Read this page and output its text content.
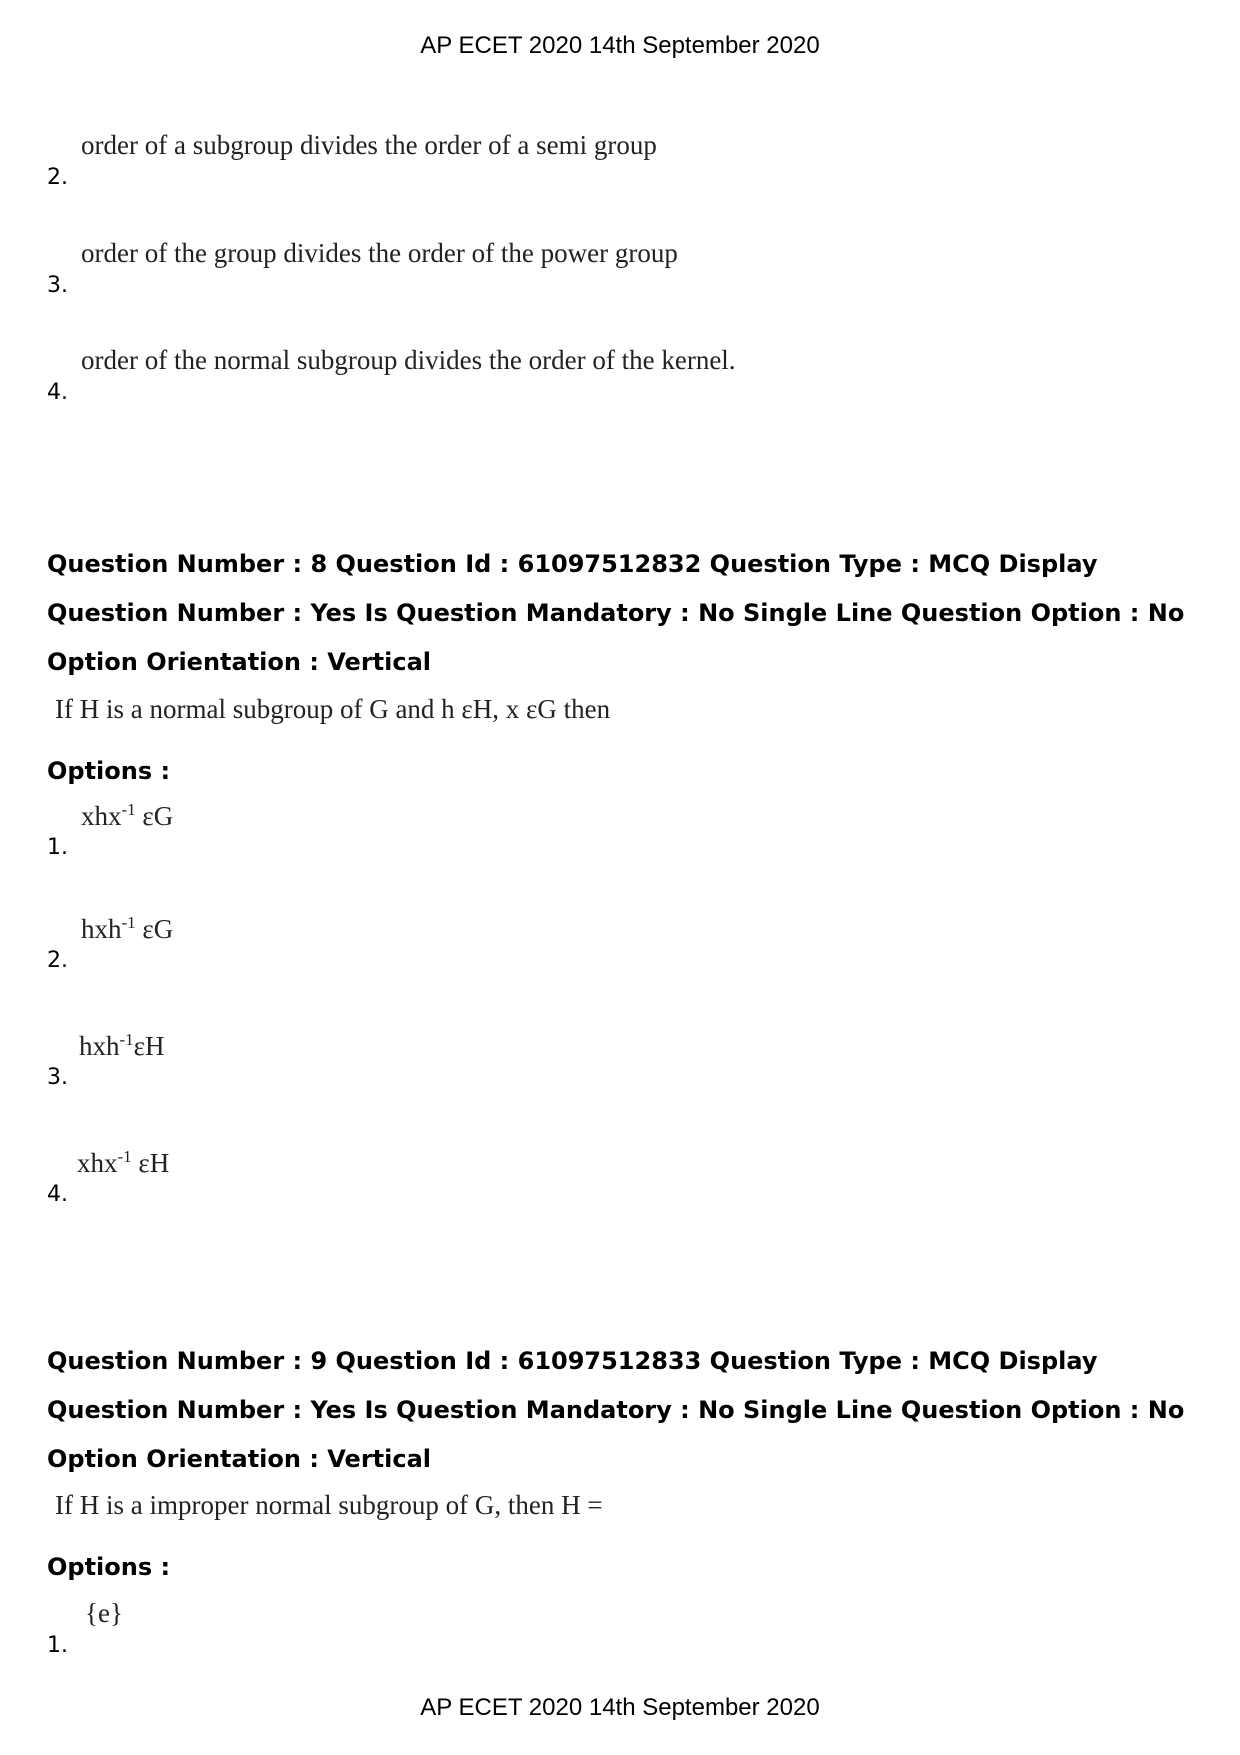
AP ECET 2020 14th September 2020
2.
order of a subgroup divides the order of a semi group
3.
order of the group divides the order of the power group
4.
order of the normal subgroup divides the order of the kernel.

Question Number : 8 Question Id : 61097512832 Question Type : MCQ Display Question Number : Yes Is Question Mandatory : No Single Line Question Option : No Option Orientation : Vertical

If H is a normal subgroup of G and h εH, x εG then
Options :
1.
xhx$^{-1}$ εG
2.
hxh$^{-1}$ εG
3.
hxh$^{-1}$εH
4.
xhx$^{-1}$ εH

Question Number : 9 Question Id : 61097512833 Question Type : MCQ Display Question Number : Yes Is Question Mandatory : No Single Line Question Option : No Option Orientation : Vertical

If H is a improper normal subgroup of G, then H =
Options :
1.
{e}
AP ECET 2020 14th September 2020
